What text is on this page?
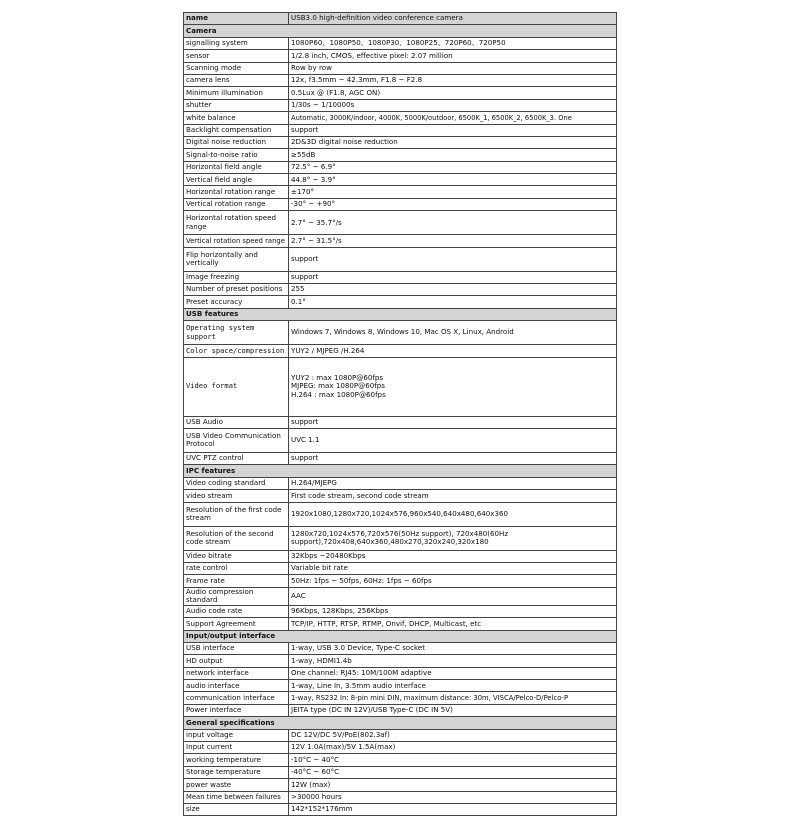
name	USB3.0 high-definition video conference camera
Camera	
signalling system	1080P60、1080P50、1080P30、1080P25、720P60、720P50
sensor	1/2.8 inch, CMOS, effective pixel: 2.07 million
Scanning mode	Row by row
camera lens	12x, f3.5mm ~ 42.3mm, F1.8 ~ F2.8
Minimum illumination	0.5Lux @ (F1.8, AGC ON)
shutter	1/30s ~ 1/10000s
white balance	Automatic, 3000K/indoor, 4000K, 5000K/outdoor, 6500K_1, 6500K_2, 6500K_3. One
Backlight compensation	support
Digital noise reduction	2D&3D digital noise reduction
Signal-to-noise ratio	≥55dB
Horizontal field angle	72.5° ~ 6.9°
Vertical field angle	44.8° ~ 3.9°
Horizontal rotation range	±170°
Vertical rotation range	-30° ~ +90°
Horizontal rotation speed range	2.7° ~ 35.7°/s
Vertical rotation speed range	2.7° ~ 31.5°/s
Flip horizontally and vertically	support
Image freezing	support
Number of preset positions	255
Preset accuracy	0.1°
USB features	
Operating system support	Windows 7, Windows 8, Windows 10, Mac OS X, Linux, Android
Color space/compression	YUY2 / MJPEG /H.264
Video format	YUY2 : max 1080P@60fps
MJPEG: max 1080P@60fps
H.264 : max 1080P@60fps
USB Audio	support
USB Video Communication Protocol	UVC 1.1
UVC PTZ control	support
IPC features	
Video coding standard	H.264/MJEPG
video stream	First code stream, second code stream
Resolution of the first code stream	1920x1080,1280x720,1024x576,960x540,640x480,640x360
Resolution of the second code stream	1280x720,1024x576,720x576(50Hz support), 720x480(60Hz support),720x408,640x360,480x270,320x240,320x180
Video bitrate	32Kbps ~20480Kbps
rate control	Variable bit rate
Frame rate	50Hz: 1fps ~ 50fps, 60Hz: 1fps ~ 60fps
Audio compression standard	AAC
Audio code rate	96Kbps, 128Kbps, 256Kbps
Support Agreement	TCP/IP, HTTP, RTSP, RTMP, Onvif, DHCP, Multicast, etc
Input/output interface	
USB interface	1-way, USB 3.0 Device, Type-C socket
HD output	1-way, HDMI1.4b
network interface	One channel: RJ45: 10M/100M adaptive
audio interface	1-way, Line In, 3.5mm audio interface
communication interface	1-way, RS232 In: 8-pin mini DIN, maximum distance: 30m, VISCA/Pelco-D/Pelco-P
Power interface	JEITA type (DC IN 12V)/USB Type-C (DC IN 5V)
General specifications	
input voltage	DC 12V/DC 5V/PoE(802.3af)
Input current	12V 1.0A(max)/5V 1.5A(max)
working temperature	-10°C ~ 40°C
Storage temperature	-40°C ~ 60°C
power waste	12W (max)
Mean time between failures	>30000 hours
size	142*152*176mm
